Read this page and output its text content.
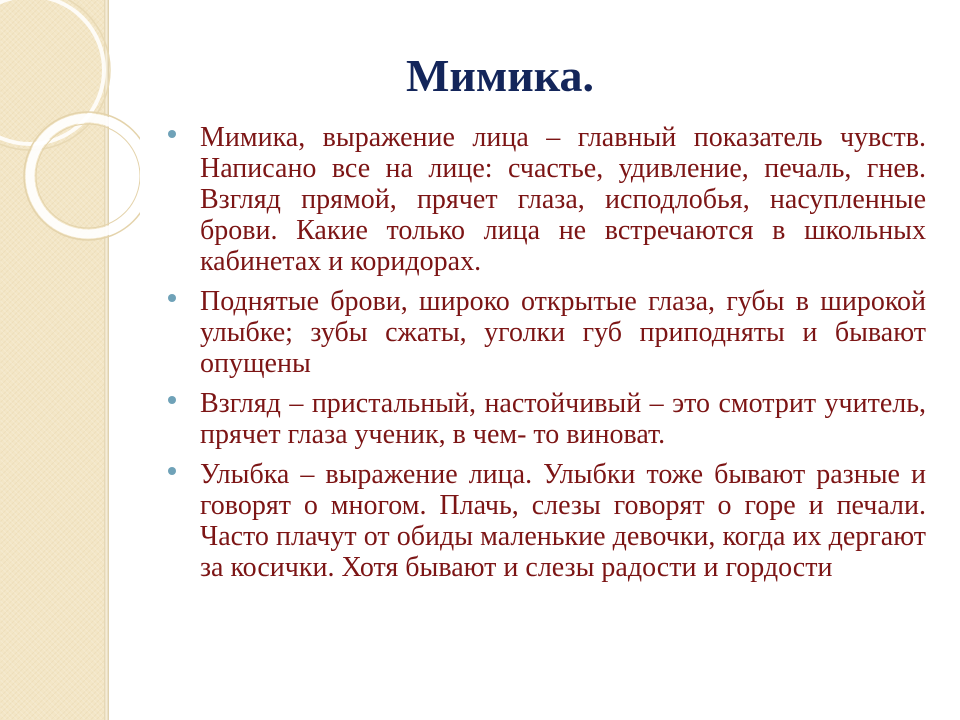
Мимика.
Мимика, выражение лица – главный показатель чувств. Написано все на лице: счастье, удивление, печаль, гнев. Взгляд прямой, прячет глаза, исподлобья, насупленные брови. Какие только лица не встречаются в школьных кабинетах и коридорах.
Поднятые брови, широко открытые глаза, губы в широкой улыбке; зубы сжаты, уголки губ приподняты и бывают опущены
Взгляд – пристальный, настойчивый – это смотрит учитель, прячет глаза ученик, в чем- то виноват.
Улыбка – выражение лица. Улыбки тоже бывают разные и говорят о многом. Плачь, слезы говорят о горе и печали. Часто плачут от обиды маленькие девочки, когда их дергают за косички. Хотя бывают и слезы радости и гордости
